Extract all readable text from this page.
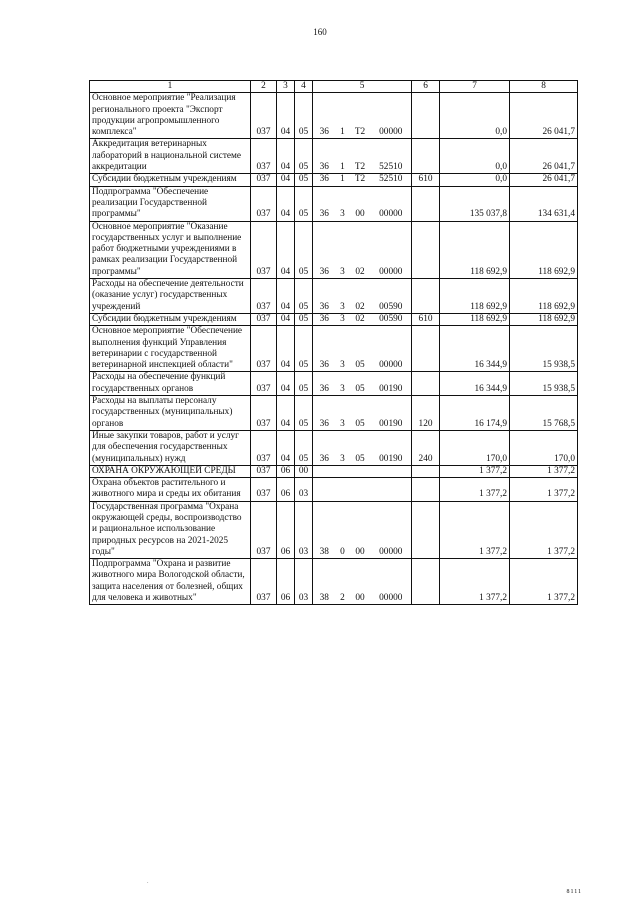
160
1	2	3	4	5				6	7	8
Основное мероприятие "Реализация регионального проекта "Экспорт продукции агропромышленного комплекса"	037	04	05	36	1	T2	00000		0,0	26 041,7
Аккредитация ветеринарных лабораторий в национальной системе аккредитации	037	04	05	36	1	T2	52510		0,0	26 041,7
Субсидии бюджетным учреждениям	037	04	05	36	1	T2	52510	610	0,0	26 041,7
Подпрограмма "Обеспечение реализации Государственной программы"	037	04	05	36	3	00	00000		135 037,8	134 631,4
Основное мероприятие "Оказание государственных услуг и выполнение работ бюджетными учреждениями в рамках реализации Государственной программы"	037	04	05	36	3	02	00000		118 692,9	118 692,9
Расходы на обеспечение деятельности (оказание услуг) государственных учреждений	037	04	05	36	3	02	00590		118 692,9	118 692,9
Субсидии бюджетным учреждениям	037	04	05	36	3	02	00590	610	118 692,9	118 692,9
Основное мероприятие "Обеспечение выполнения функций Управления ветеринарии с государственной ветеринарной инспекцией области"	037	04	05	36	3	05	00000		16 344,9	15 938,5
Расходы на обеспечение функций государственных органов	037	04	05	36	3	05	00190		16 344,9	15 938,5
Расходы на выплаты персоналу государственных (муниципальных) органов	037	04	05	36	3	05	00190	120	16 174,9	15 768,5
Иные закупки товаров, работ и услуг для обеспечения государственных (муниципальных) нужд	037	04	05	36	3	05	00190	240	170,0	170,0
ОХРАНА ОКРУЖАЮЩЕЙ СРЕДЫ	037	06	00						1 377,2	1 377,2
Охрана объектов растительного и животного мира и среды их обитания	037	06	03						1 377,2	1 377,2
Государственная программа "Охрана окружающей среды, воспроизводство и рациональное использование природных ресурсов на 2021-2025 годы"	037	06	03	38	0	00	00000		1 377,2	1 377,2
Подпрограмма "Охрана и развитие животного мира Вологодской области, защита населения от болезней, общих для человека и животных"	037	06	03	38	2	00	00000		1 377,2	1 377,2
.
8111
